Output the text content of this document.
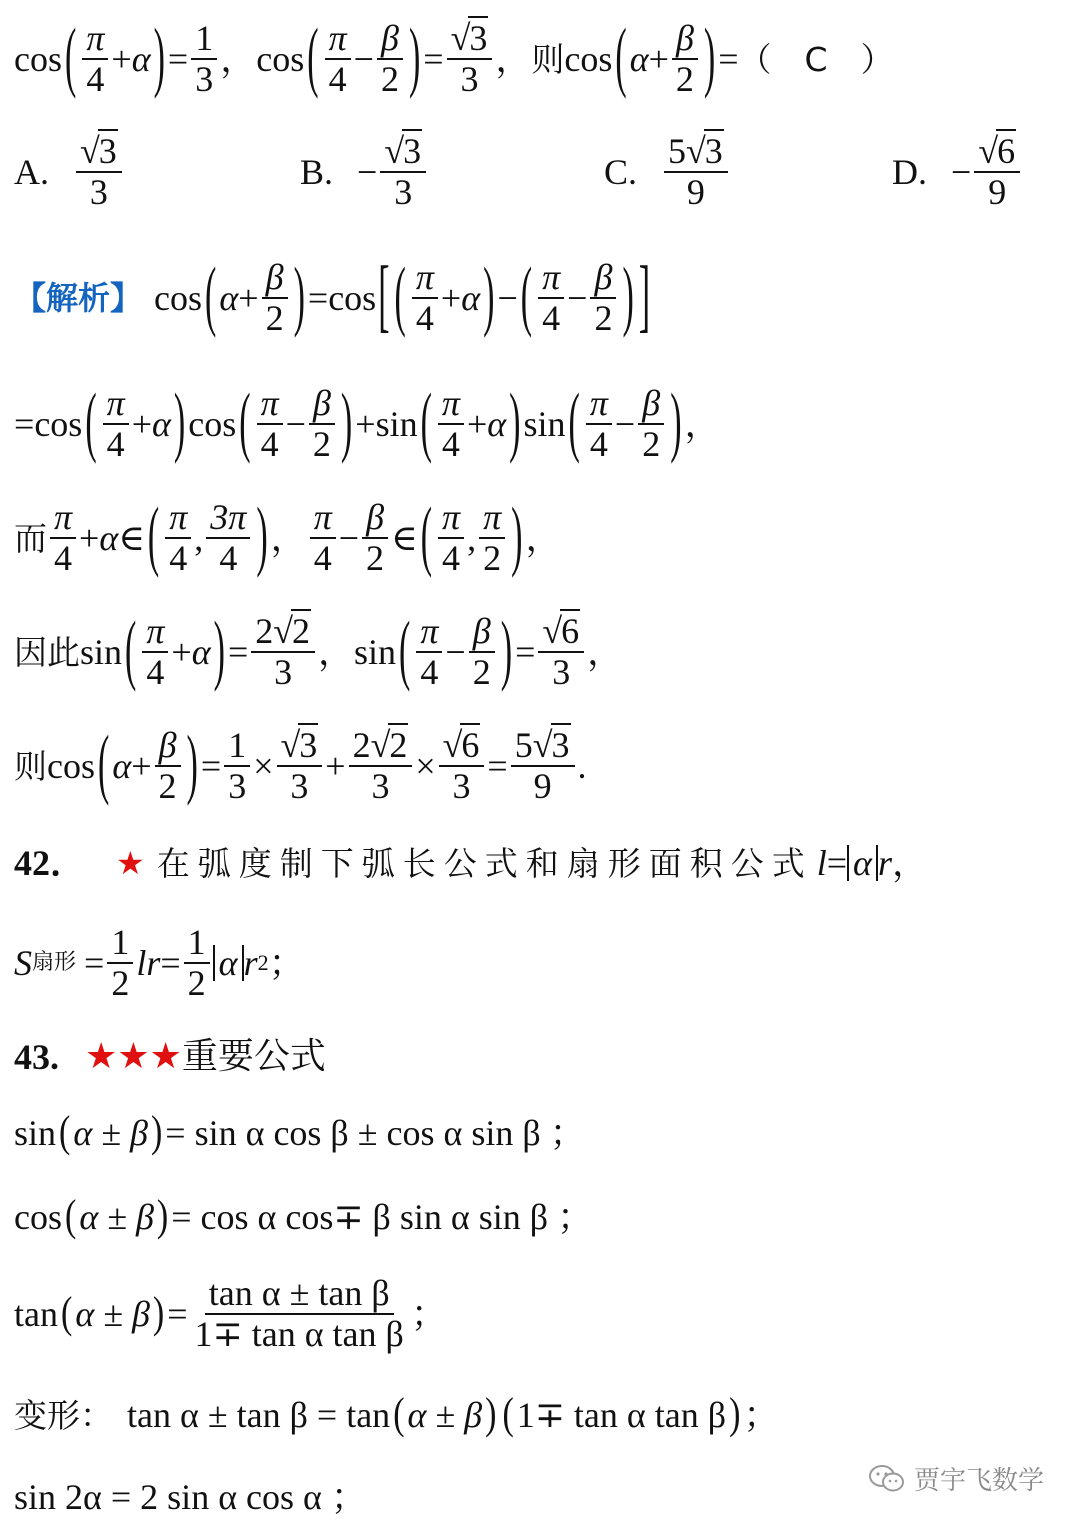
cos ( $\frac{\pi}{4} + \alpha$ ) = $\frac{1}{3}$ ， cos ( $\frac{\pi}{4} - \frac{\beta}{2}$ ) = $\frac{√3}{3}$ ， 则 cos ( $\alpha + \frac{\beta}{2}$ ) = （　C　）
A. $\frac{√3}{3}$	B. − $\frac{√3}{3}$	C. $\frac{5√3}{9}$	D. − $\frac{√6}{9}$
【解析】 cos ( $\alpha + \frac{\beta}{2}$ ) = cos [ ( $\frac{\pi}{4} + \alpha$ ) − ( $\frac{\pi}{4} - \frac{\beta}{2}$ ) ]
= cos ( $\frac{\pi}{4} + \alpha$ ) cos ( $\frac{\pi}{4} - \frac{\beta}{2}$ ) + sin ( $\frac{\pi}{4} + \alpha$ ) sin ( $\frac{\pi}{4} - \frac{\beta}{2}$ ) ，
而 $\frac{\pi}{4} + \alpha$ ∈ ( $\frac{\pi}{4}$ , $\frac{3\pi}{4}$ ) ， $\frac{\pi}{4} - \frac{\beta}{2}$ ∈ ( $\frac{\pi}{4}$ , $\frac{\pi}{2}$ ) ，
因此 sin ( $\frac{\pi}{4} + \alpha$ ) = $\frac{2√2}{3}$ ， sin ( $\frac{\pi}{4} - \frac{\beta}{2}$ ) = $\frac{√6}{3}$ ，
则 cos ( $\alpha + \frac{\beta}{2}$ ) = $\frac{1}{3} \times \frac{√3}{3} + \frac{2√2}{3} \times \frac{√6}{3} = \frac{5√3}{9}$ .
42． ★ 在弧度制下弧长公式和扇形面积公式 l = α r ，
S 扇形 = $\frac{1}{2}$ lr = $\frac{1}{2}$ α r 2 ；
43. ★★★ 重要公式
sin ( α ± β ) = sin α cos β ± cos α sin β ；
cos ( α ± β ) = cos α cos∓ β sin α sin β ；
tan ( α ± β ) = $\frac{\text{tan α ± tan β}}{\text{1∓ tan α tan β}}$ ；
变形： tan α ± tan β = tan ( α ± β ) ( 1∓ tan α tan β ) ；
sin 2α = 2 sin α cos α ；	贾宇飞数学
